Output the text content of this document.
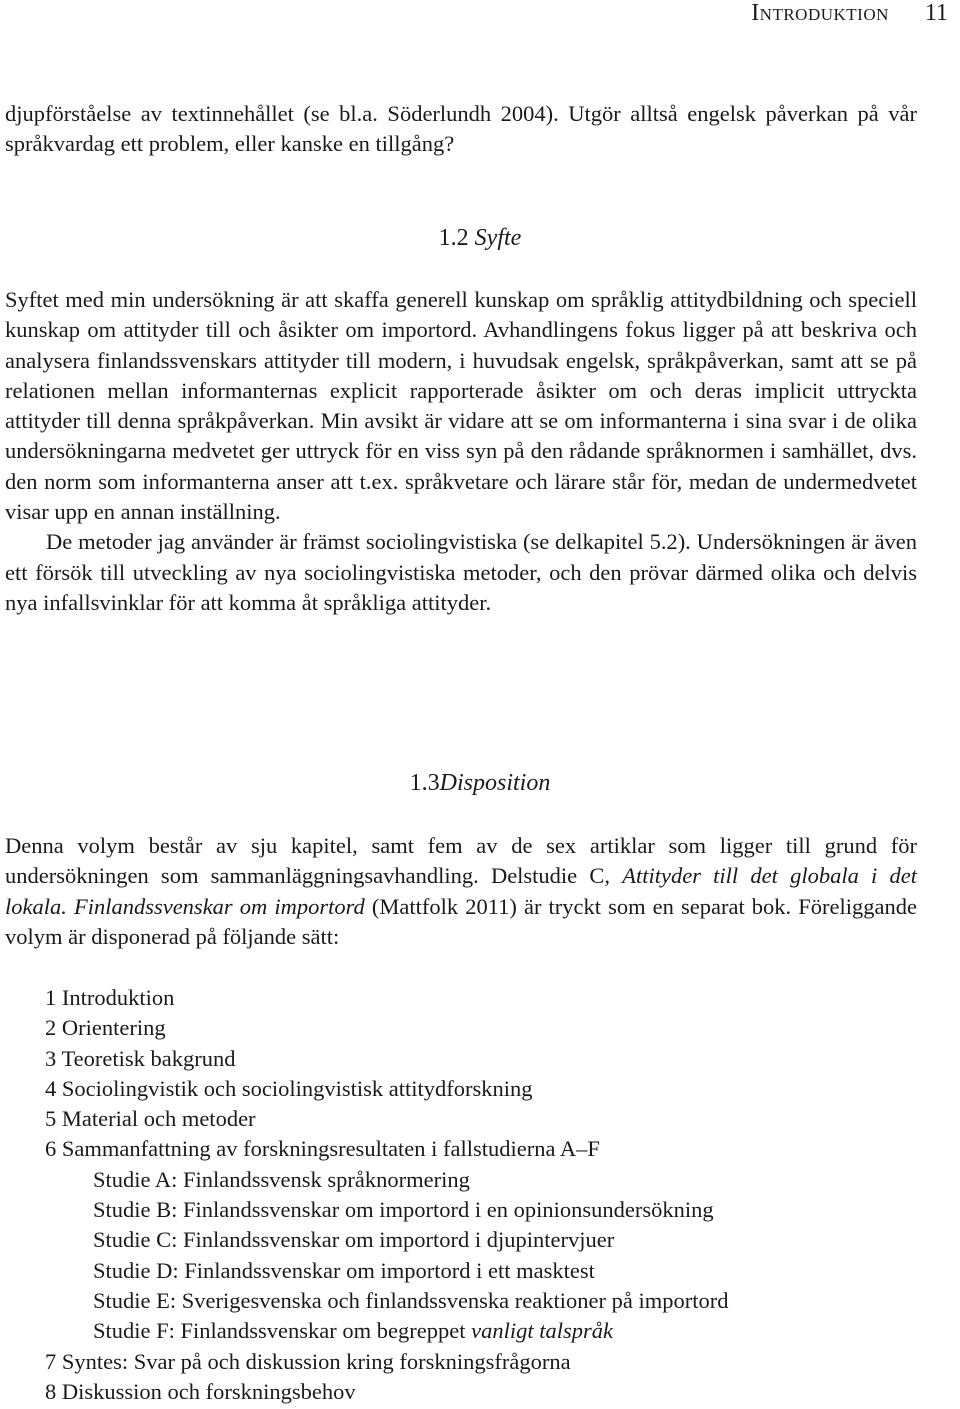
Introduktion 11

djupförståelse av textinnehållet (se bl.a. Söderlundh 2004). Utgör alltså engelsk påverkan på vår språkvardag ett problem, eller kanske en tillgång?

1.2 Syfte

Syftet med min undersökning är att skaffa generell kunskap om språklig attitydbildning och speciell kunskap om attityder till och åsikter om importord. Avhandlingens fokus ligger på att beskriva och analysera finlandssvenskars attityder till modern, i huvudsak engelsk, språkpåverkan, samt att se på relationen mellan informanternas explicit rapporterade åsikter om och deras implicit uttryckta attityder till denna språkpåverkan. Min avsikt är vidare att se om informanterna i sina svar i de olika undersökningarna medvetet ger uttryck för en viss syn på den rådande språknormen i samhället, dvs. den norm som informanterna anser att t.ex. språkvetare och lärare står för, medan de undermedvetet visar upp en annan inställning.

De metoder jag använder är främst sociolingvistiska (se delkapitel 5.2). Undersökningen är även ett försök till utveckling av nya sociolingvistiska metoder, och den prövar därmed olika och delvis nya infallsvinklar för att komma åt språkliga attityder.

1.3Disposition

Denna volym består av sju kapitel, samt fem av de sex artiklar som ligger till grund för undersökningen som sammanläggningsavhandling. Delstudie C, Attityder till det globala i det lokala. Finlandssvenskar om importord (Mattfolk 2011) är tryckt som en separat bok. Föreliggande volym är disponerad på följande sätt:

1 Introduktion
2 Orientering
3 Teoretisk bakgrund
4 Sociolingvistik och sociolingvistisk attitydforskning
5 Material och metoder
6 Sammanfattning av forskningsresultaten i fallstudierna A–F
Studie A: Finlandssvensk språknormering
Studie B: Finlandssvenskar om importord i en opinionsundersökning
Studie C: Finlandssvenskar om importord i djupintervjuer
Studie D: Finlandssvenskar om importord i ett masktest
Studie E: Sverigesvenska och finlandssvenska reaktioner på importord
Studie F: Finlandssvenskar om begreppet vanligt talspråk
7 Syntes: Svar på och diskussion kring forskningsfrågorna
8 Diskussion och forskningsbehov
